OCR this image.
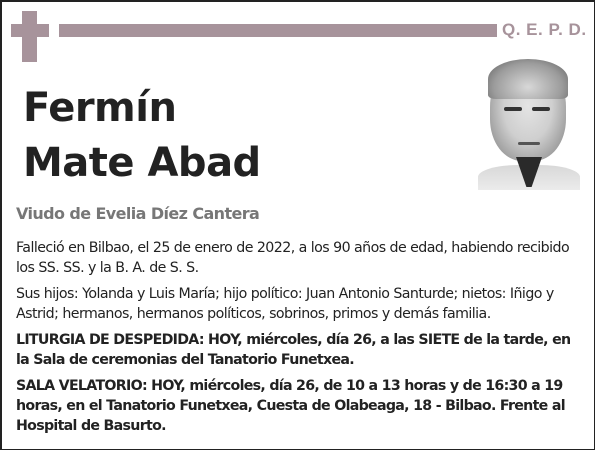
Q. E. P. D.
Fermín
Mate Abad
Viudo de Evelia Díez Cantera

Falleció en Bilbao, el 25 de enero de 2022, a los 90 años de edad, habiendo recibido los SS. SS. y la B. A. de S. S.

Sus hijos: Yolanda y Luis María; hijo político: Juan Antonio Santurde; nietos: Iñigo y Astrid; hermanos, hermanos políticos, sobrinos, primos y demás familia.

LITURGIA DE DESPEDIDA: HOY, miércoles, día 26, a las SIETE de la tarde, en la Sala de ceremonias del Tanatorio Funetxea.

SALA VELATORIO: HOY, miércoles, día 26, de 10 a 13 horas y de 16:30 a 19 horas, en el Tanatorio Funetxea, Cuesta de Olabeaga, 18 - Bilbao. Frente al Hospital de Basurto.
